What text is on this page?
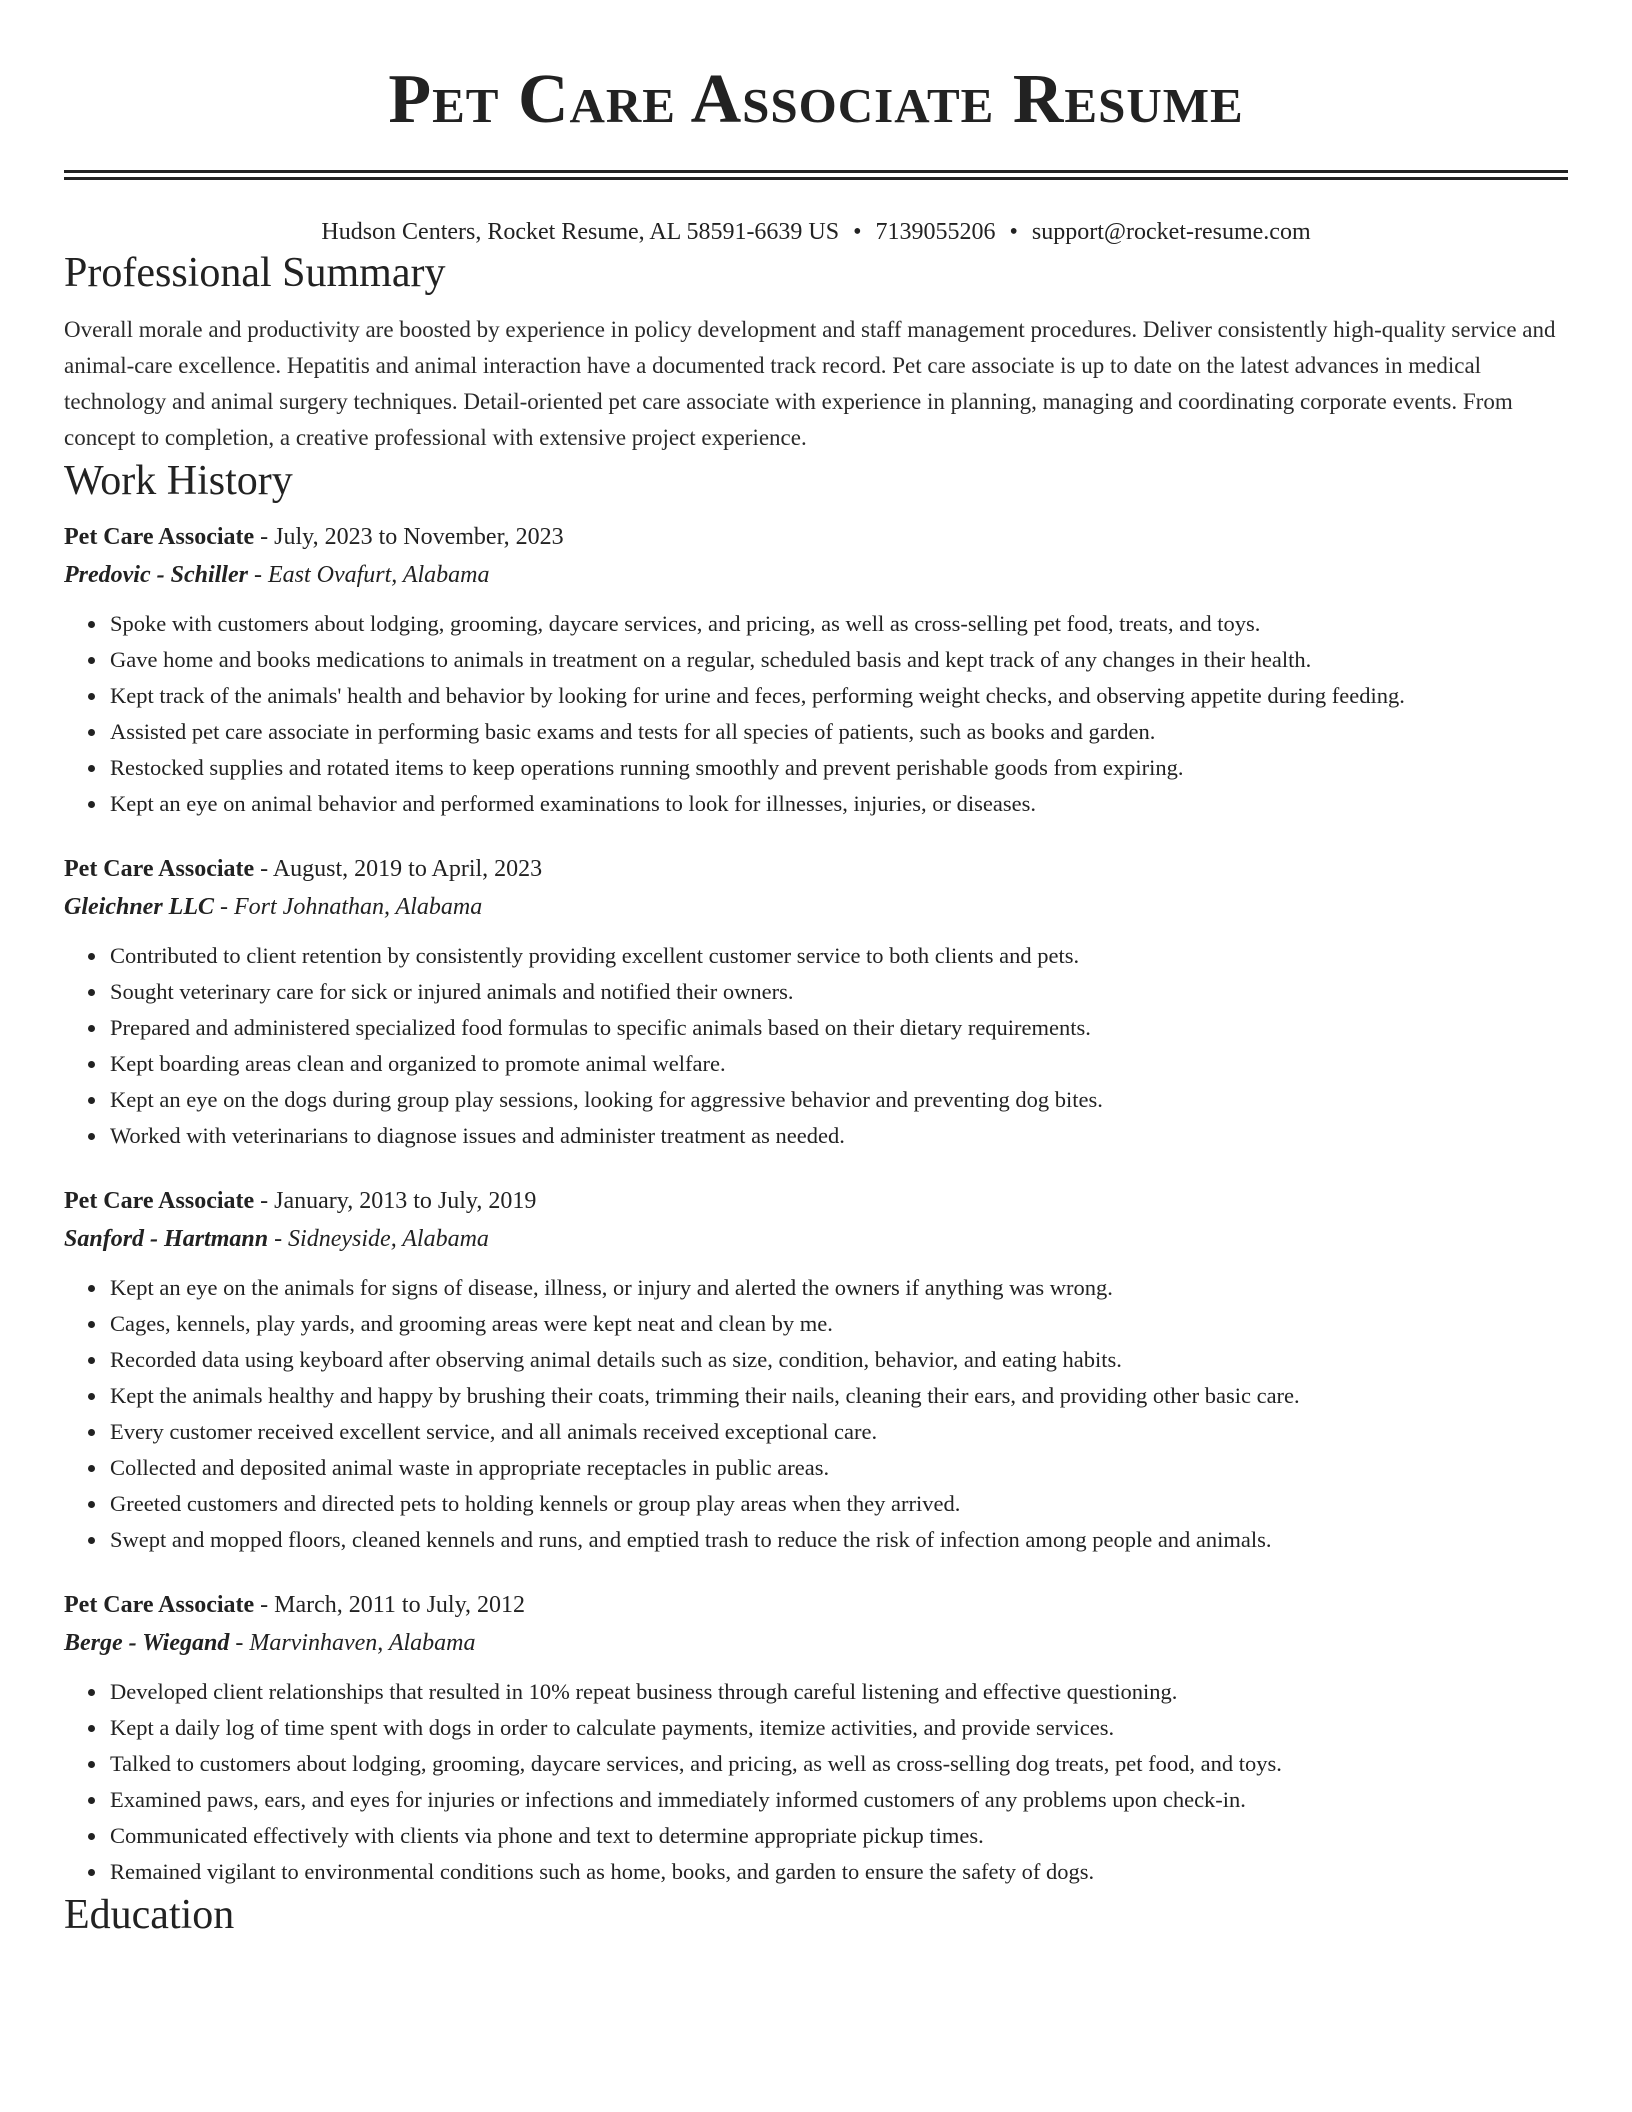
Pet Care Associate Resume
Hudson Centers, Rocket Resume, AL 58591-6639 US • 7139055206 • support@rocket-resume.com
Professional Summary

Overall morale and productivity are boosted by experience in policy development and staff management procedures. Deliver consistently high-quality service and animal-care excellence. Hepatitis and animal interaction have a documented track record. Pet care associate is up to date on the latest advances in medical technology and animal surgery techniques. Detail-oriented pet care associate with experience in planning, managing and coordinating corporate events. From concept to completion, a creative professional with extensive project experience.

Work History
Pet Care Associate - July, 2023 to November, 2023
Predovic - Schiller - East Ovafurt, Alabama
• Spoke with customers about lodging, grooming, daycare services, and pricing, as well as cross-selling pet food, treats, and toys.
• Gave home and books medications to animals in treatment on a regular, scheduled basis and kept track of any changes in their health.
• Kept track of the animals' health and behavior by looking for urine and feces, performing weight checks, and observing appetite during feeding.
• Assisted pet care associate in performing basic exams and tests for all species of patients, such as books and garden.
• Restocked supplies and rotated items to keep operations running smoothly and prevent perishable goods from expiring.
• Kept an eye on animal behavior and performed examinations to look for illnesses, injuries, or diseases.
Pet Care Associate - August, 2019 to April, 2023
Gleichner LLC - Fort Johnathan, Alabama
• Contributed to client retention by consistently providing excellent customer service to both clients and pets.
• Sought veterinary care for sick or injured animals and notified their owners.
• Prepared and administered specialized food formulas to specific animals based on their dietary requirements.
• Kept boarding areas clean and organized to promote animal welfare.
• Kept an eye on the dogs during group play sessions, looking for aggressive behavior and preventing dog bites.
• Worked with veterinarians to diagnose issues and administer treatment as needed.
Pet Care Associate - January, 2013 to July, 2019
Sanford - Hartmann - Sidneyside, Alabama
• Kept an eye on the animals for signs of disease, illness, or injury and alerted the owners if anything was wrong.
• Cages, kennels, play yards, and grooming areas were kept neat and clean by me.
• Recorded data using keyboard after observing animal details such as size, condition, behavior, and eating habits.
• Kept the animals healthy and happy by brushing their coats, trimming their nails, cleaning their ears, and providing other basic care.
• Every customer received excellent service, and all animals received exceptional care.
• Collected and deposited animal waste in appropriate receptacles in public areas.
• Greeted customers and directed pets to holding kennels or group play areas when they arrived.
• Swept and mopped floors, cleaned kennels and runs, and emptied trash to reduce the risk of infection among people and animals.
Pet Care Associate - March, 2011 to July, 2012
Berge - Wiegand - Marvinhaven, Alabama
• Developed client relationships that resulted in 10% repeat business through careful listening and effective questioning.
• Kept a daily log of time spent with dogs in order to calculate payments, itemize activities, and provide services.
• Talked to customers about lodging, grooming, daycare services, and pricing, as well as cross-selling dog treats, pet food, and toys.
• Examined paws, ears, and eyes for injuries or infections and immediately informed customers of any problems upon check-in.
• Communicated effectively with clients via phone and text to determine appropriate pickup times.
• Remained vigilant to environmental conditions such as home, books, and garden to ensure the safety of dogs.
Education
